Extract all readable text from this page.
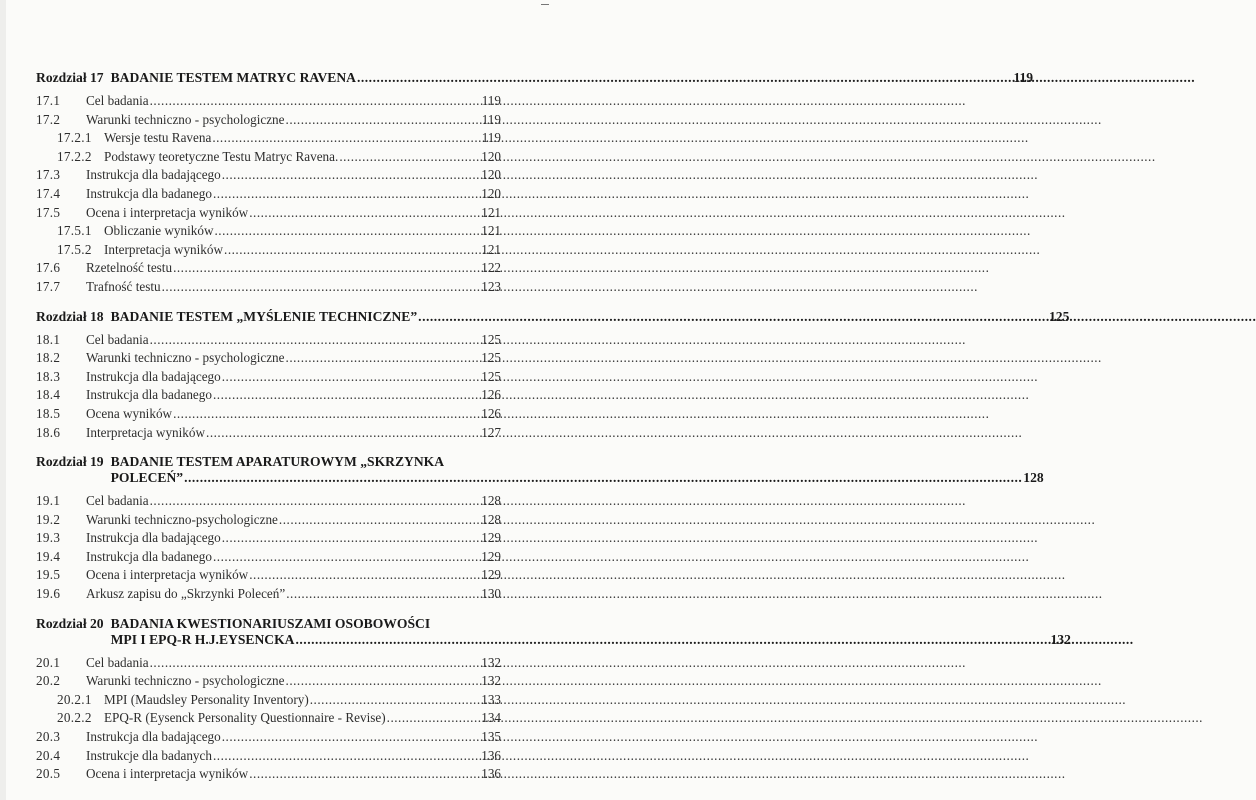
Rozdział 17 BADANIE TESTEM MATRYC RAVENA .....	119
17.1	Cel badania .....	119
17.2	Warunki techniczno - psychologiczne .....	119
17.2.1 Wersje testu Ravena .....	119
17.2.2 Podstawy teoretyczne Testu Matryc Ravena. .....	120
17.3	Instrukcja dla badającego .....	120
17.4	Instrukcja dla badanego .....	120
17.5	Ocena i interpretacja wyników .....	121
17.5.1 Obliczanie wyników .....	121
17.5.2 Interpretacja wyników .....	121
17.6	Rzetelność testu .....	122
17.7	Trafność testu .....	123
Rozdział 18 BADANIE TESTEM „MYŚLENIE TECHNICZNE” .....	125
18.1	Cel badania .....	125
18.2	Warunki techniczno - psychologiczne .....	125
18.3	Instrukcja dla badającego .....	125
18.4	Instrukcja dla badanego .....	126
18.5	Ocena wyników .....	126
18.6	Interpretacja wyników .....	127
Rozdział 19 BADANIE TESTEM APARATUROWYM „SKRZYNKA
POLECEŃ” .....	128
19.1	Cel badania .....	128
19.2	Warunki techniczno-psychologiczne .....	128
19.3	Instrukcja dla badającego .....	129
19.4	Instrukcja dla badanego .....	129
19.5	Ocena i interpretacja wyników .....	129
19.6	Arkusz zapisu do „Skrzynki Poleceń” .....	130
Rozdział 20 BADANIA KWESTIONARIUSZAMI OSOBOWOŚCI
MPI I EPQ-R H.J.EYSENCKA .....	132
20.1	Cel badania .....	132
20.2	Warunki techniczno - psychologiczne .....	132
20.2.1 MPI (Maudsley Personality Inventory) .....	133
20.2.2 EPQ-R (Eysenck Personality Questionnaire - Revise) .....	134
20.3	Instrukcja dla badającego .....	135
20.4	Instrukcje dla badanych .....	136
20.5	Ocena i interpretacja wyników .....	136
